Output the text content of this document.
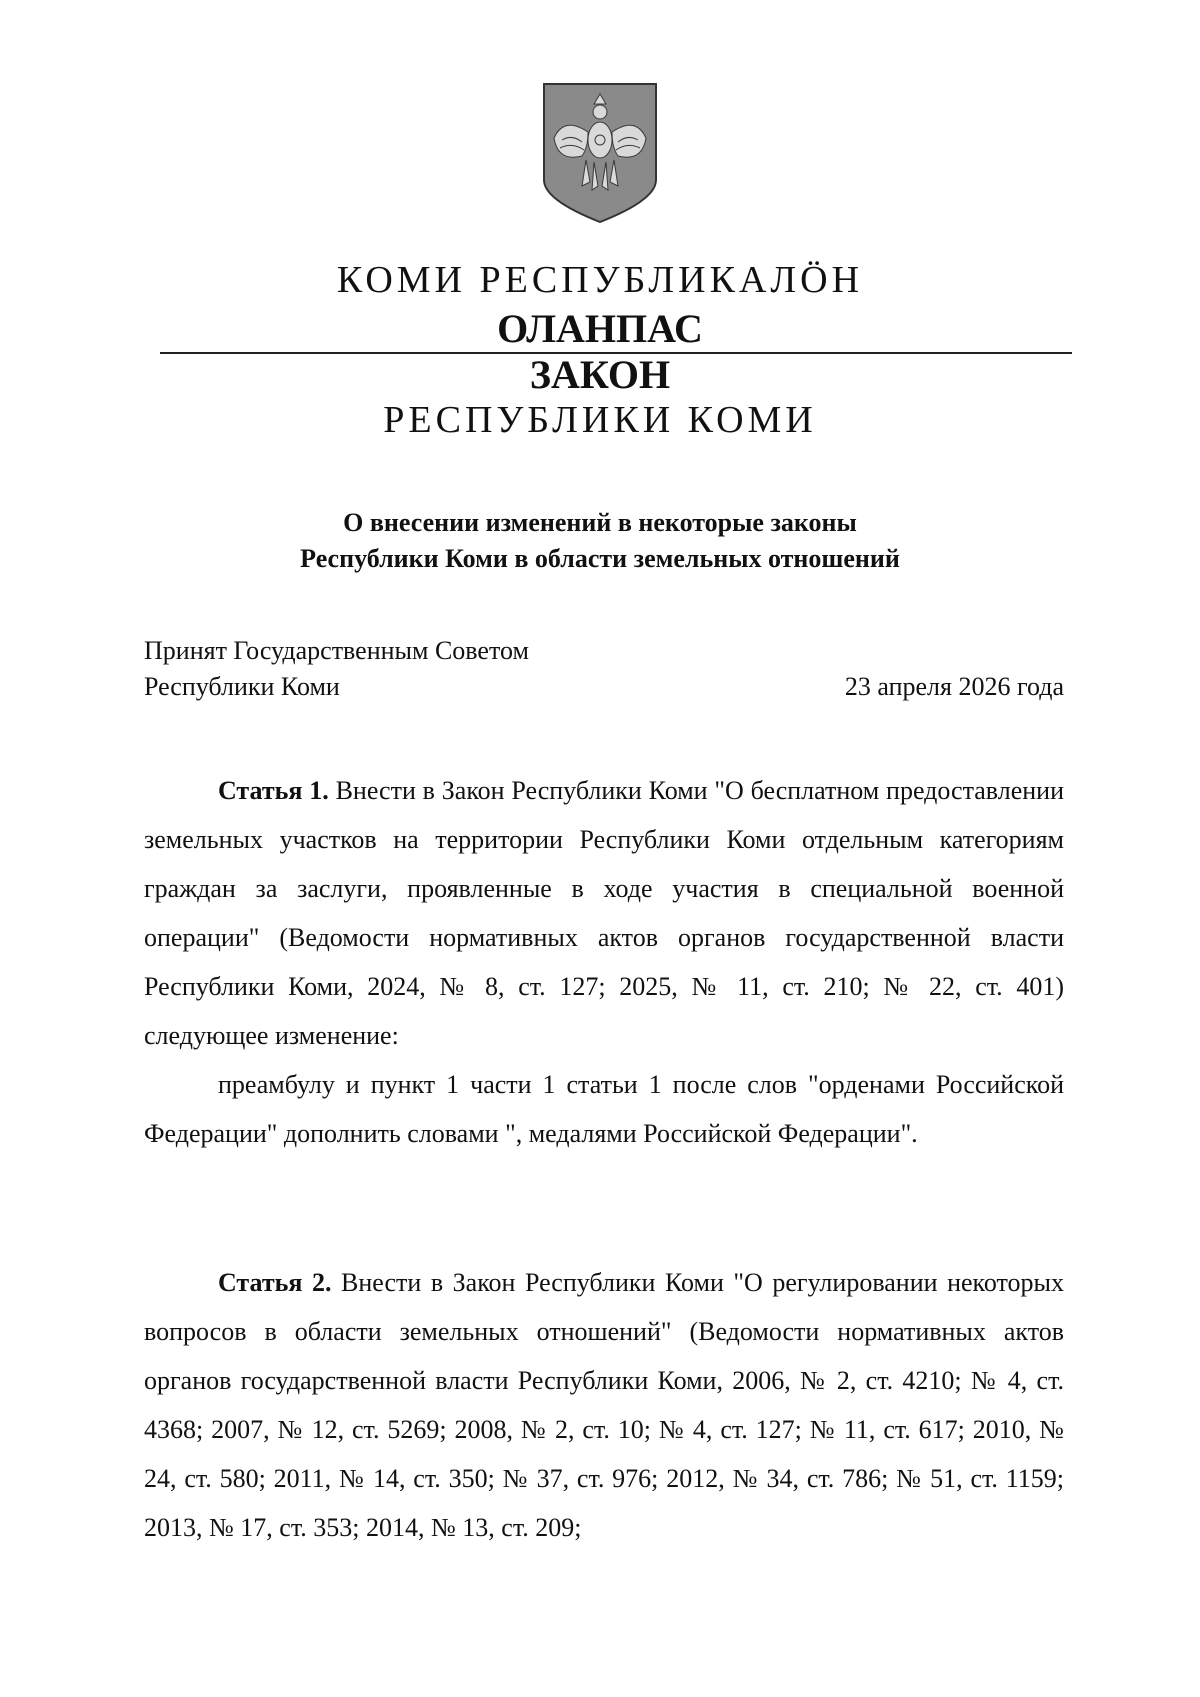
КОМИ РЕСПУБЛИКАЛÖН
ОЛАНПАС
ЗАКОН
РЕСПУБЛИКИ КОМИ
О внесении изменений в некоторые законы
Республики Коми в области земельных отношений
Принят Государственным Советом
Республики Коми	23 апреля 2026 года

Статья 1. Внести в Закон Республики Коми "О бесплатном предоставлении земельных участков на территории Республики Коми отдельным категориям граждан за заслуги, проявленные в ходе участия в специальной военной операции" (Ведомости нормативных актов органов государственной власти Республики Коми, 2024, № 8, ст. 127; 2025, № 11, ст. 210; № 22, ст. 401) следующее изменение:

преамбулу и пункт 1 части 1 статьи 1 после слов "орденами Российской Федерации" дополнить словами ", медалями Российской Федерации".

Статья 2. Внести в Закон Республики Коми "О регулировании некоторых вопросов в области земельных отношений" (Ведомости нормативных актов органов государственной власти Республики Коми, 2006, № 2, ст. 4210; № 4, ст. 4368; 2007, № 12, ст. 5269; 2008, № 2, ст. 10; № 4, ст. 127; № 11, ст. 617; 2010, № 24, ст. 580; 2011, № 14, ст. 350; № 37, ст. 976; 2012, № 34, ст. 786; № 51, ст. 1159; 2013, № 17, ст. 353; 2014, № 13, ст. 209;
